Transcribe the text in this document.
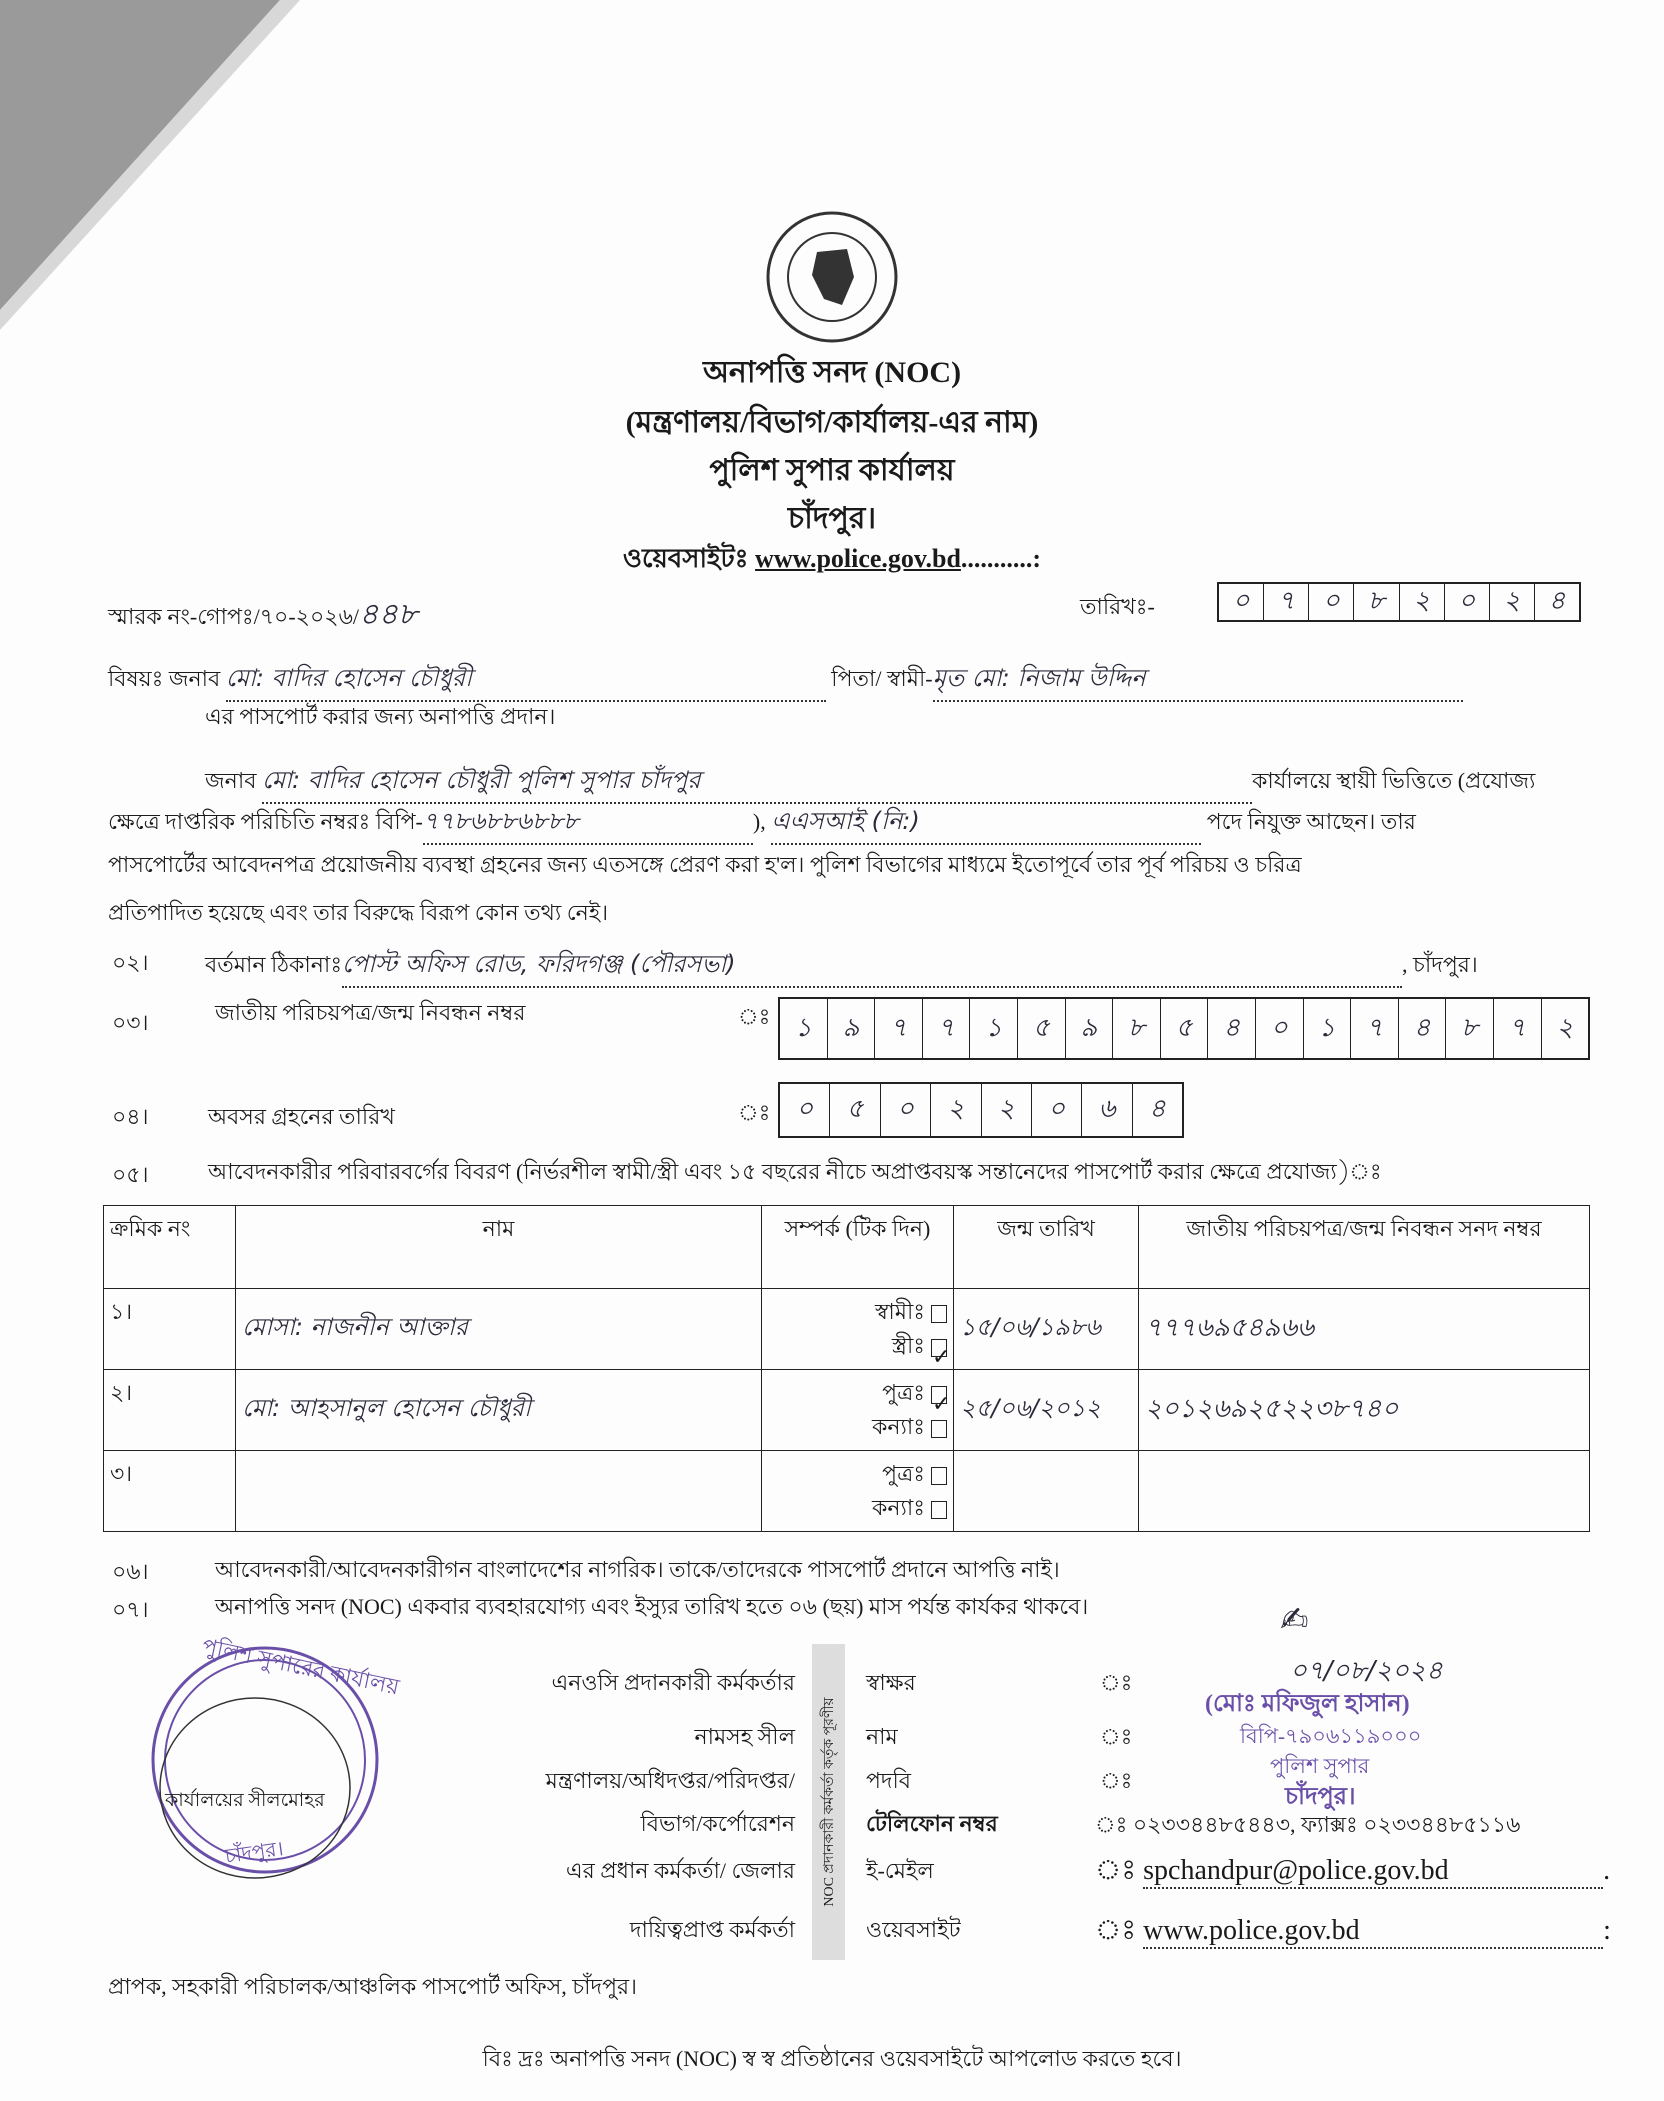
অনাপত্তি সনদ (NOC)
(মন্ত্রণালয়/বিভাগ/কার্যালয়-এর নাম)
পুলিশ সুপার কার্যালয়
চাঁদপুর।
ওয়েবসাইটঃ www.police.gov.bd...........:
স্মারক নং-গোপঃ/৭০-২০২৬/৪৪৮	তারিখঃ-	০	৭	০	৮	২	০	২	৪
বিষয়ঃ জনাব মো: বাদির হোসেন চৌধুরী	পিতা/ স্বামী-মৃত মো: নিজাম উদ্দিন
এর পাসপোর্ট করার জন্য অনাপত্তি প্রদান।
জনাব মো: বাদির হোসেন চৌধুরী পুলিশ সুপার চাঁদপুর	কার্যালয়ে স্থায়ী ভিত্তিতে (প্রযোজ্য
ক্ষেত্রে দাপ্তরিক পরিচিতি নম্বরঃ বিপি-৭৭৮৬৮৮৬৮৮৮	), এএসআই (নি:)	পদে নিযুক্ত আছেন। তার
পাসপোর্টের আবেদনপত্র প্রয়োজনীয় ব্যবস্থা গ্রহনের জন্য এতসঙ্গে প্রেরণ করা হ'ল। পুলিশ বিভাগের মাধ্যমে ইতোপূর্বে তার পূর্ব পরিচয় ও চরিত্র
প্রতিপাদিত হয়েছে এবং তার বিরুদ্ধে বিরূপ কোন তথ্য নেই।
০২।	বর্তমান ঠিকানাঃপোস্ট অফিস রোড, ফরিদগঞ্জ (পৌরসভা)	, চাঁদপুর।
০৩।	জাতীয় পরিচয়পত্র/জন্ম নিবন্ধন নম্বর	ঃ ১	৯	৭	৭	১	৫	৯	৮	৫	৪	০	১	৭	৪	৮	৭	২
০৪।	অবসর গ্রহনের তারিখ	ঃ ০	৫	০	২	২	০	৬	৪
০৫।	আবেদনকারীর পরিবারবর্গের বিবরণ (নির্ভরশীল স্বামী/স্ত্রী এবং ১৫ বছরের নীচে অপ্রাপ্তবয়স্ক সন্তানেদের পাসপোর্ট করার ক্ষেত্রে প্রযোজ্য)ঃ
ক্রমিক নং	নাম	সম্পর্ক (টিক দিন)	জন্ম তারিখ	জাতীয় পরিচয়পত্র/জন্ম নিবন্ধন সনদ নম্বর
১।	মোসা: নাজনীন আক্তার	স্বামীঃ
স্ত্রীঃ✓	১৫/০৬/১৯৮৬	৭৭৭৬৯৫৪৯৬৬
২।	মো: আহসানুল হোসেন চৌধুরী	পুত্রঃ✓
কন্যাঃ	২৫/০৬/২০১২	২০১২৬৯২৫২২৩৮৭৪০
৩।		পুত্রঃ
কন্যাঃ		

০৬।	আবেদনকারী/আবেদনকারীগন বাংলাদেশের নাগরিক। তাকে/তাদেরকে পাসপোর্ট প্রদানে আপত্তি নাই।
০৭।	অনাপত্তি সনদ (NOC) একবার ব্যবহারযোগ্য এবং ইস্যুর তারিখ হতে ০৬ (ছয়) মাস পর্যন্ত কার্যকর থাকবে।
পুলিশ সুপারের কার্যালয়
কার্যালয়ের সীলমোহর
চাঁদপুর।	NOC প্রদানকারী কর্মকর্তা কর্তৃক পূরণীয়
এনওসি প্রদানকারী কর্মকর্তার	স্বাক্ষর	ঃ
নামসহ সীল	নাম	ঃ
মন্ত্রণালয়/অধিদপ্তর/পরিদপ্তর/	পদবি	ঃ
বিভাগ/কর্পোরেশন	টেলিফোন নম্বর
এর প্রধান কর্মকর্তা/ জেলার	ই-মেইল
দায়িত্বপ্রাপ্ত কর্মকর্তা	ওয়েবসাইট
✍
০৭/০৮/২০২৪
(মোঃ মফিজুল হাসান)
বিপি-৭৯০৬১১৯০০০
পুলিশ সুপার
চাঁদপুর।
ঃ ০২৩৩৪৪৮৫৪৪৩, ফ্যাক্সঃ ০২৩৩৪৪৮৫১১৬
ঃ spchandpur@police.gov.bd	.
ঃ www.police.gov.bd	:
প্রাপক, সহকারী পরিচালক/আঞ্চলিক পাসপোর্ট অফিস, চাঁদপুর।
বিঃ দ্রঃ অনাপত্তি সনদ (NOC) স্ব স্ব প্রতিষ্ঠানের ওয়েবসাইটে আপলোড করতে হবে।
